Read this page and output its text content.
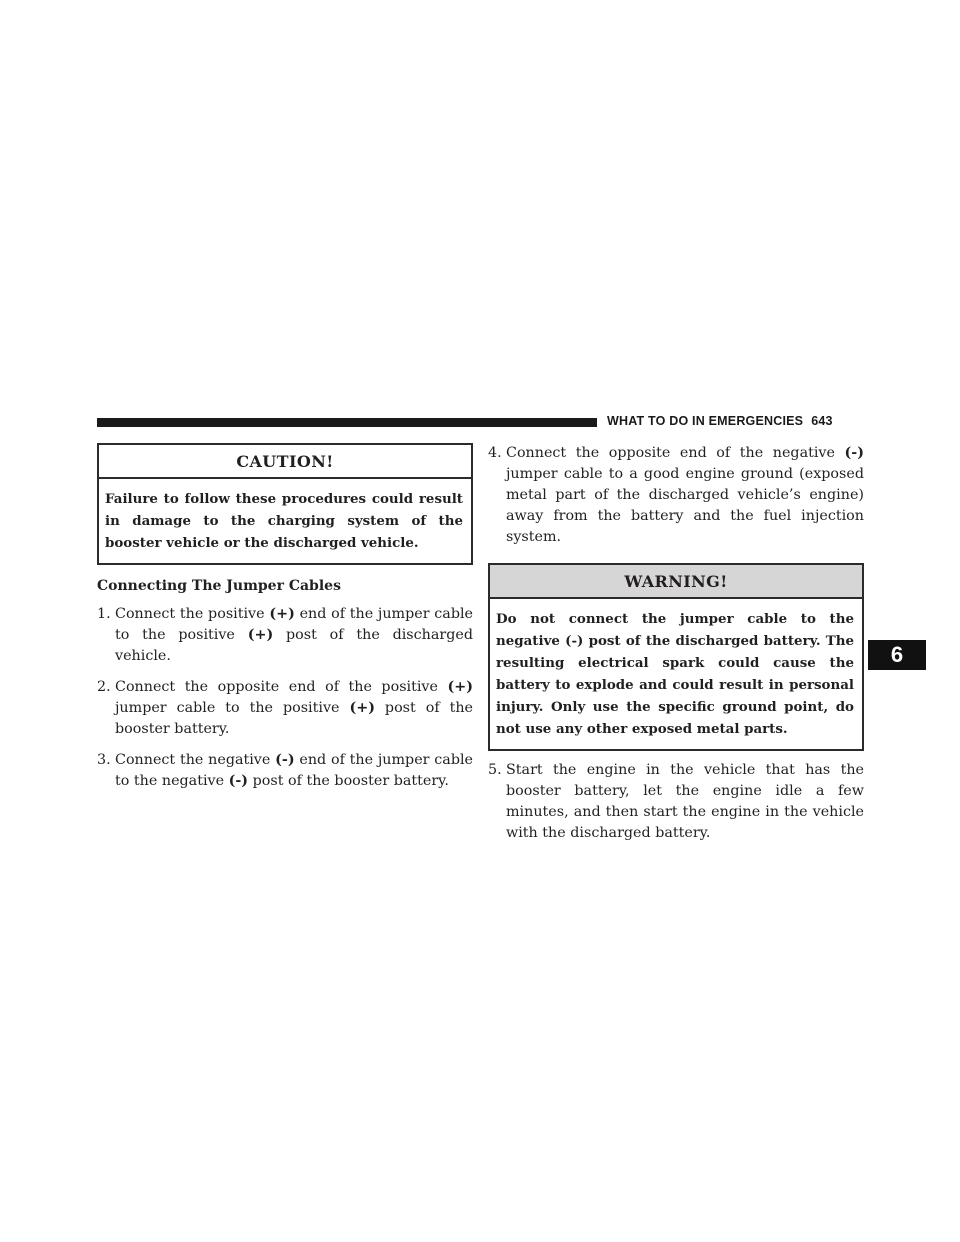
WHAT TO DO IN EMERGENCIES 643
CAUTION!
Failure to follow these procedures could result in damage to the charging system of the booster vehicle or the discharged vehicle.
Connecting The Jumper Cables
1. Connect the positive (+) end of the jumper cable to the positive (+) post of the discharged vehicle.
2. Connect the opposite end of the positive (+) jumper cable to the positive (+) post of the booster battery.
3. Connect the negative (-) end of the jumper cable to the negative (-) post of the booster battery.
4. Connect the opposite end of the negative (-) jumper cable to a good engine ground (exposed metal part of the discharged vehicle’s engine) away from the battery and the fuel injection system.
WARNING!
Do not connect the jumper cable to the negative (-) post of the discharged battery. The resulting electrical spark could cause the battery to explode and could result in personal injury. Only use the specific ground point, do not use any other exposed metal parts.
5. Start the engine in the vehicle that has the booster battery, let the engine idle a few minutes, and then start the engine in the vehicle with the discharged battery.
6
